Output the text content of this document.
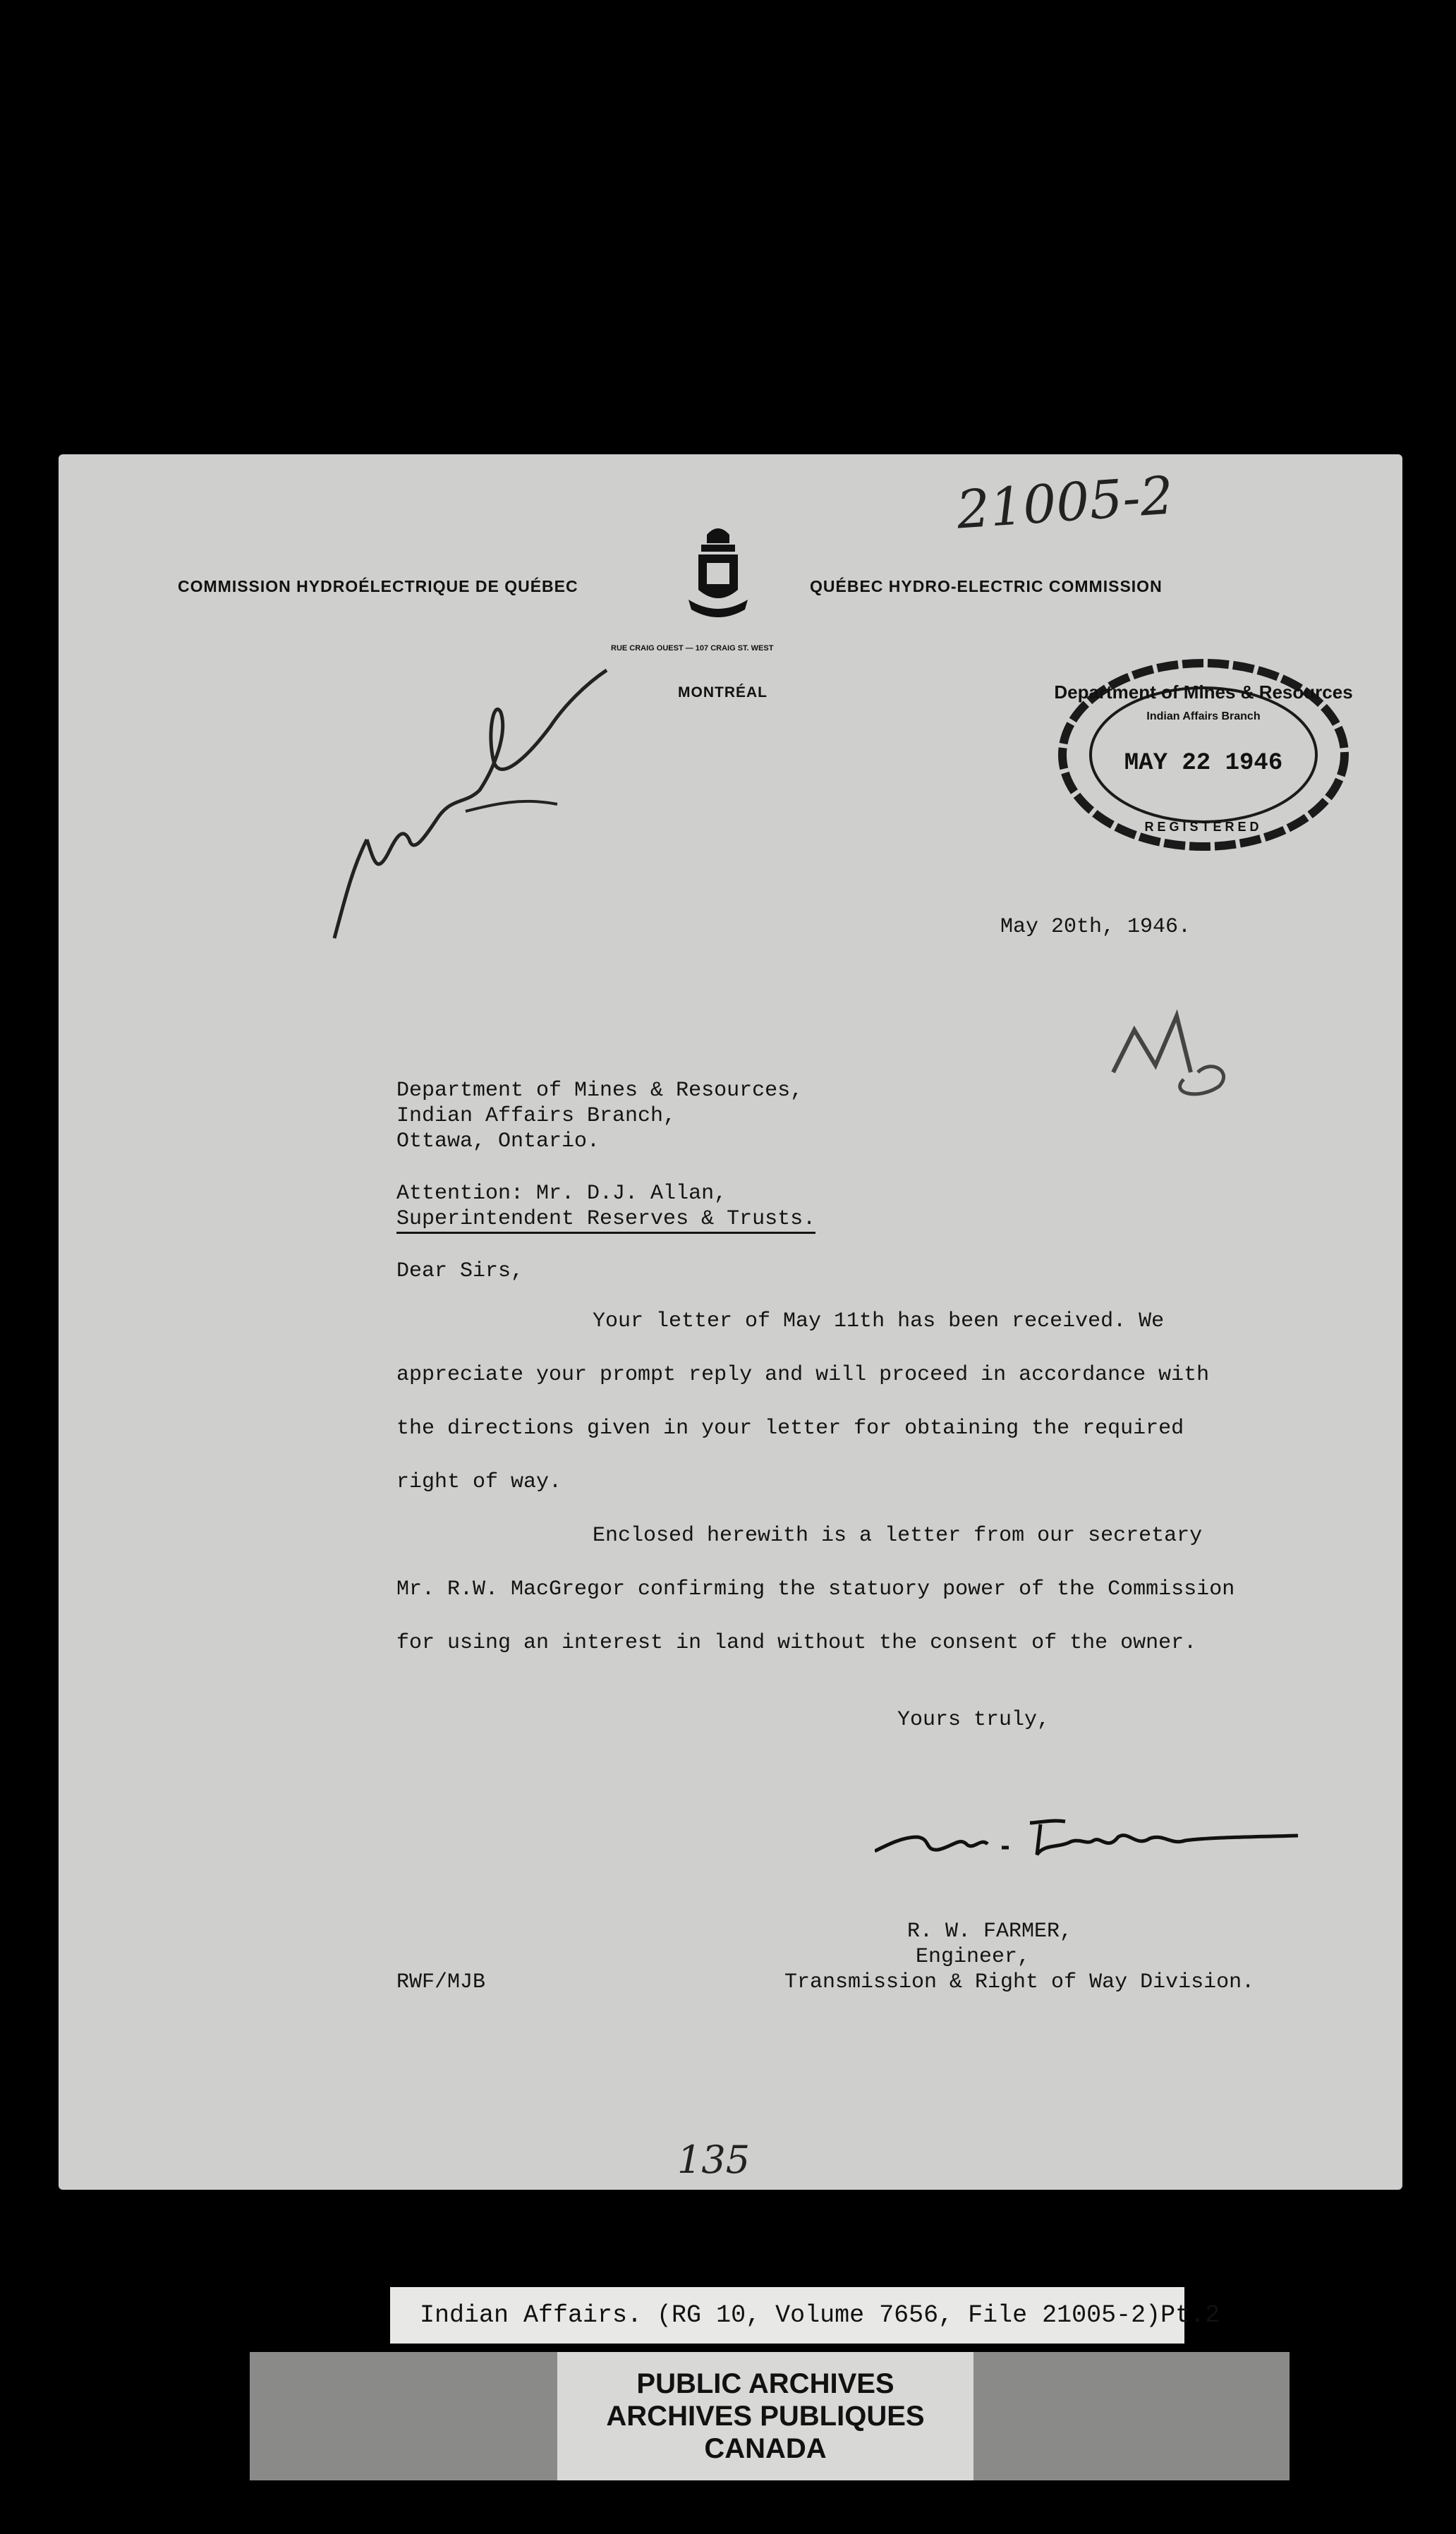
21005-2
COMMISSION HYDROÉLECTRIQUE DE QUÉBEC	QUÉBEC HYDRO-ELECTRIC COMMISSION
RUE CRAIG OUEST — 107 CRAIG ST. WEST
MONTRÉAL	Department of Mines & Resources
Indian Affairs Branch
MAY 22 1946
REGISTERED
May 20th, 1946.
Department of Mines & Resources,
Indian Affairs Branch,
Ottawa, Ontario.
Attention: Mr. D.J. Allan,
Superintendent Reserves & Trusts.
Dear Sirs,
Your letter of May 11th has been received. We
appreciate your prompt reply and will proceed in accordance with
the directions given in your letter for obtaining the required
right of way.
Enclosed herewith is a letter from our secretary
Mr. R.W. MacGregor confirming the statuory power of the Commission
for using an interest in land without the consent of the owner.
Yours truly,
R. W. FARMER,
Engineer,
Transmission & Right of Way Division.
RWF/MJB
135
Indian Affairs. (RG 10, Volume 7656, File 21005-2)Pt.2
PUBLIC ARCHIVES
ARCHIVES PUBLIQUES
CANADA
